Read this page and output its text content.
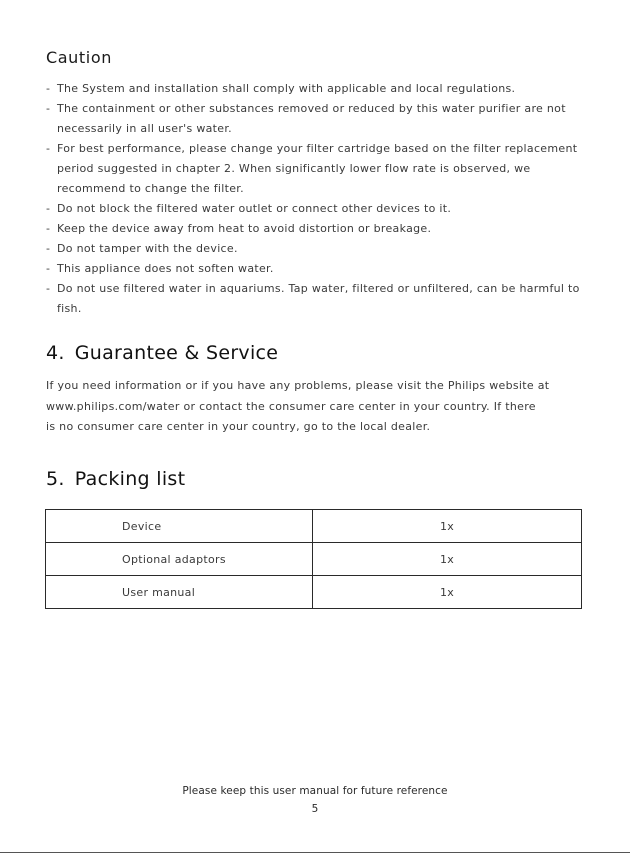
Caution
- The System and installation shall comply with applicable and local regulations.
- The containment or other substances removed or reduced by this water purifier are not necessarily in all user's water.
- For best performance, please change your filter cartridge based on the filter replacement period suggested in chapter 2. When significantly lower flow rate is observed, we recommend to change the filter.
- Do not block the filtered water outlet or connect other devices to it.
- Keep the device away from heat to avoid distortion or breakage.
- Do not tamper with the device.
- This appliance does not soften water.
- Do not use filtered water in aquariums. Tap water, filtered or unfiltered, can be harmful to fish.
4. Guarantee & Service
If you need information or if you have any problems, please visit the Philips website at
www.philips.com/water or contact the consumer care center in your country. If there
is no consumer care center in your country, go to the local dealer.
5. Packing list
Device	1x
Optional adaptors	1x
User manual	1x
Please keep this user manual for future reference
5
